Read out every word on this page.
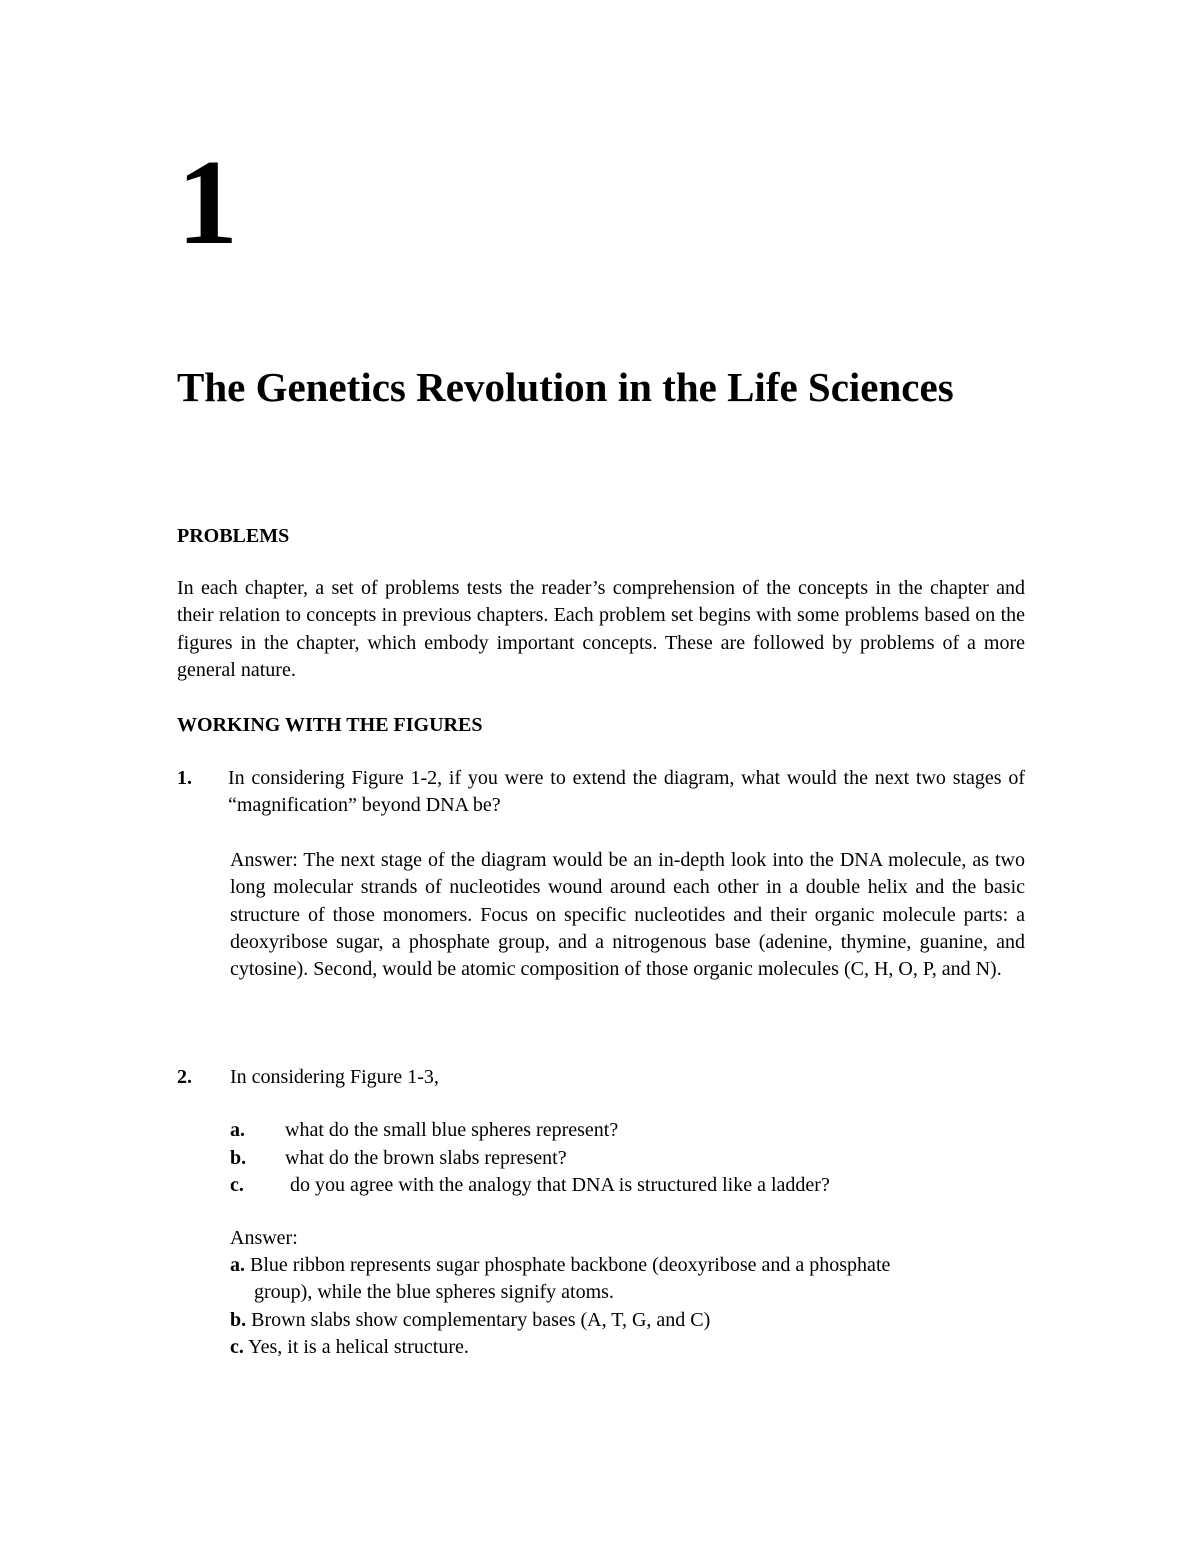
1
The Genetics Revolution in the Life Sciences
PROBLEMS

In each chapter, a set of problems tests the reader’s comprehension of the concepts in the chapter and their relation to concepts in previous chapters. Each problem set begins with some problems based on the figures in the chapter, which embody important concepts. These are followed by problems of a more general nature.

WORKING WITH THE FIGURES
1. In considering Figure 1-2, if you were to extend the diagram, what would the next two stages of “magnification” beyond DNA be?

Answer: The next stage of the diagram would be an in-depth look into the DNA molecule, as two long molecular strands of nucleotides wound around each other in a double helix and the basic structure of those monomers. Focus on specific nucleotides and their organic molecule parts: a deoxyribose sugar, a phosphate group, and a nitrogenous base (adenine, thymine, guanine, and cytosine). Second, would be atomic composition of those organic molecules (C, H, O, P, and N).

2. In considering Figure 1-3,

a. what do the small blue spheres represent?
b. what do the brown slabs represent?
c. do you agree with the analogy that DNA is structured like a ladder?

Answer:

a. Blue ribbon represents sugar phosphate backbone (deoxyribose and a phosphate group), while the blue spheres signify atoms.
b. Brown slabs show complementary bases (A, T, G, and C)
c. Yes, it is a helical structure.
